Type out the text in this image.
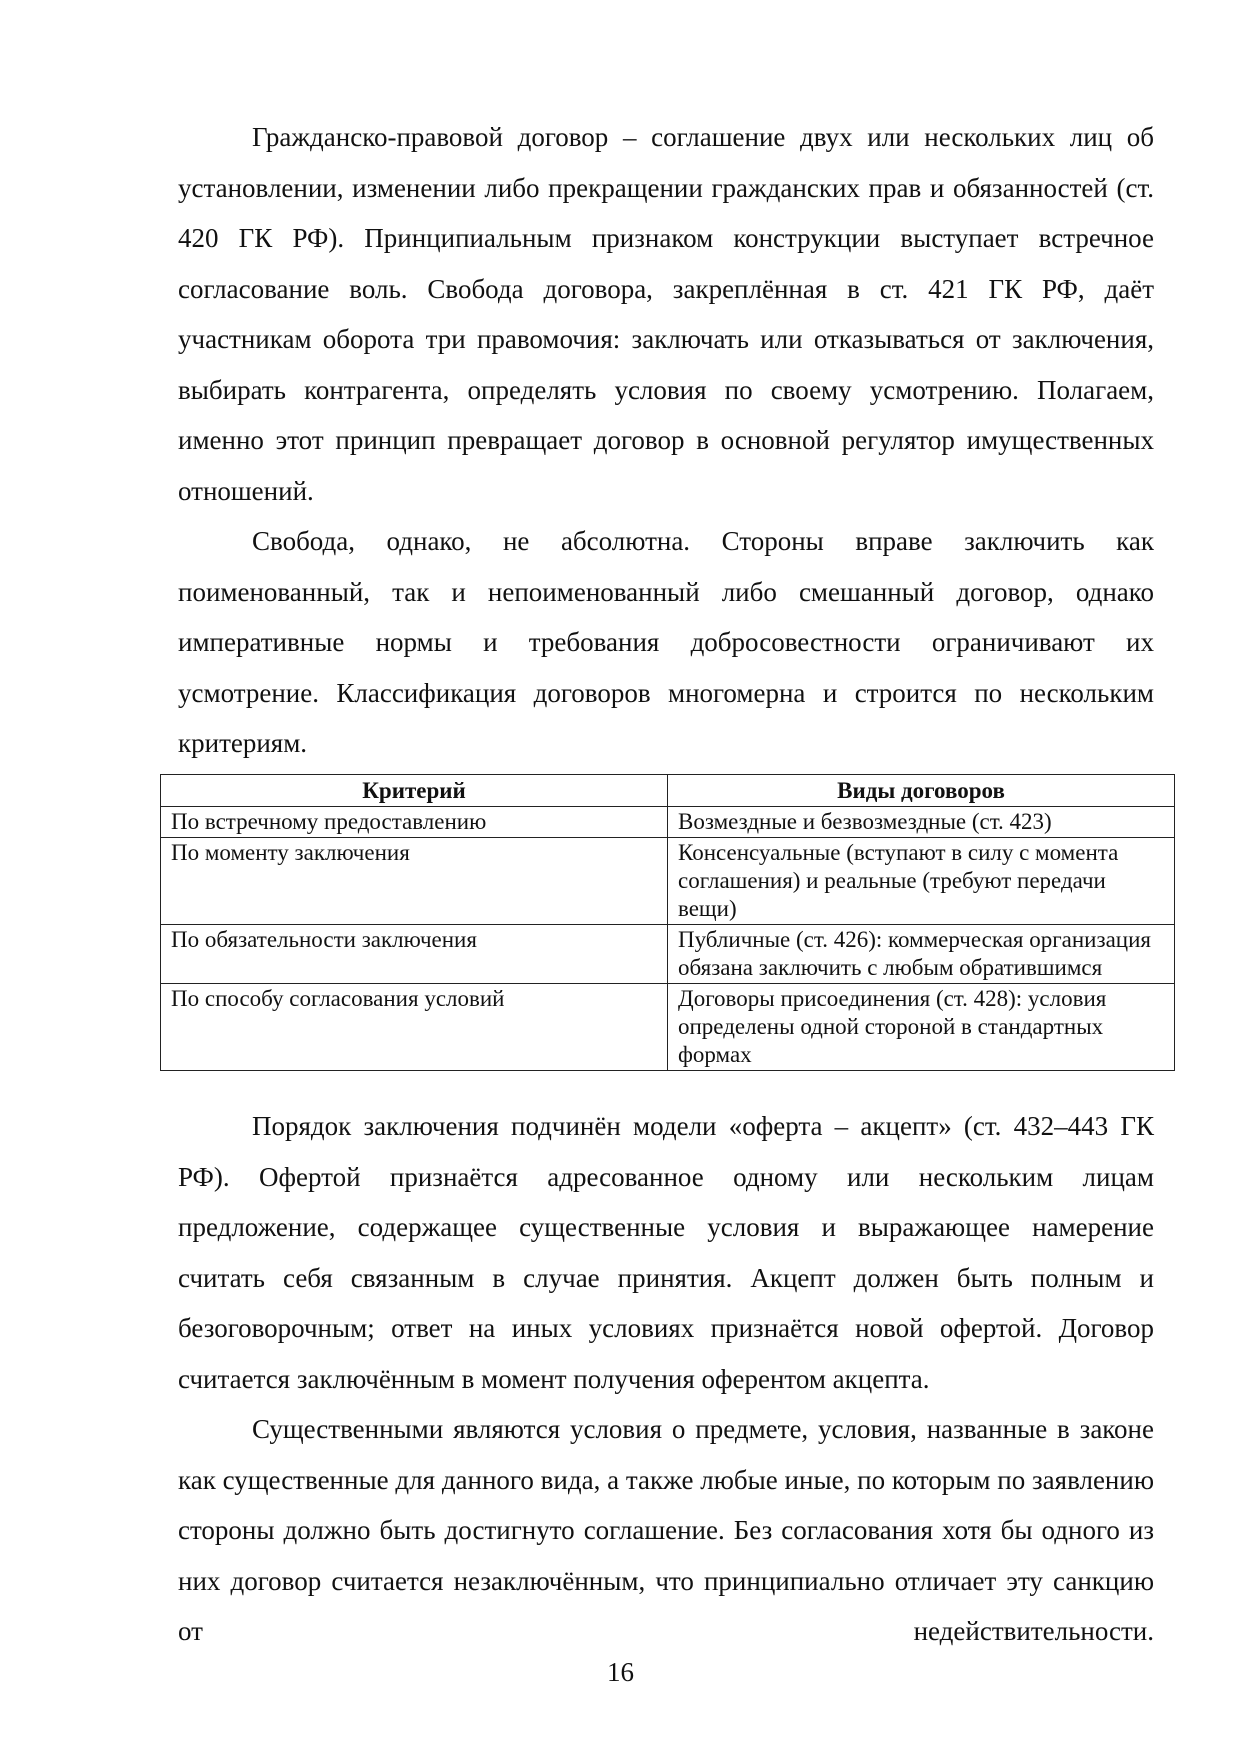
Гражданско-правовой договор – соглашение двух или нескольких лиц об установлении, изменении либо прекращении гражданских прав и обязанностей (ст. 420 ГК РФ). Принципиальным признаком конструкции выступает встречное согласование воль. Свобода договора, закреплённая в ст. 421 ГК РФ, даёт участникам оборота три правомочия: заключать или отказываться от заключения, выбирать контрагента, определять условия по своему усмотрению. Полагаем, именно этот принцип превращает договор в основной регулятор имущественных отношений.

Свобода, однако, не абсолютна. Стороны вправе заключить как поименованный, так и непоименованный либо смешанный договор, однако императивные нормы и требования добросовестности ограничивают их усмотрение. Классификация договоров многомерна и строится по нескольким критериям.

Критерий	Виды договоров
По встречному предоставлению	Возмездные и безвозмездные (ст. 423)
По моменту заключения	Консенсуальные (вступают в силу с момента соглашения) и реальные (требуют передачи вещи)
По обязательности заключения	Публичные (ст. 426): коммерческая организация обязана заключить с любым обратившимся
По способу согласования условий	Договоры присоединения (ст. 428): условия определены одной стороной в стандартных формах

Порядок заключения подчинён модели «оферта – акцепт» (ст. 432–443 ГК РФ). Офертой признаётся адресованное одному или нескольким лицам предложение, содержащее существенные условия и выражающее намерение считать себя связанным в случае принятия. Акцепт должен быть полным и безоговорочным; ответ на иных условиях признаётся новой офертой. Договор считается заключённым в момент получения оферентом акцепта.

Существенными являются условия о предмете, условия, названные в законе как существенные для данного вида, а также любые иные, по которым по заявлению стороны должно быть достигнуто соглашение. Без согласования хотя бы одного из них договор считается незаключённым, что принципиально отличает эту санкцию от недействительности.

16
